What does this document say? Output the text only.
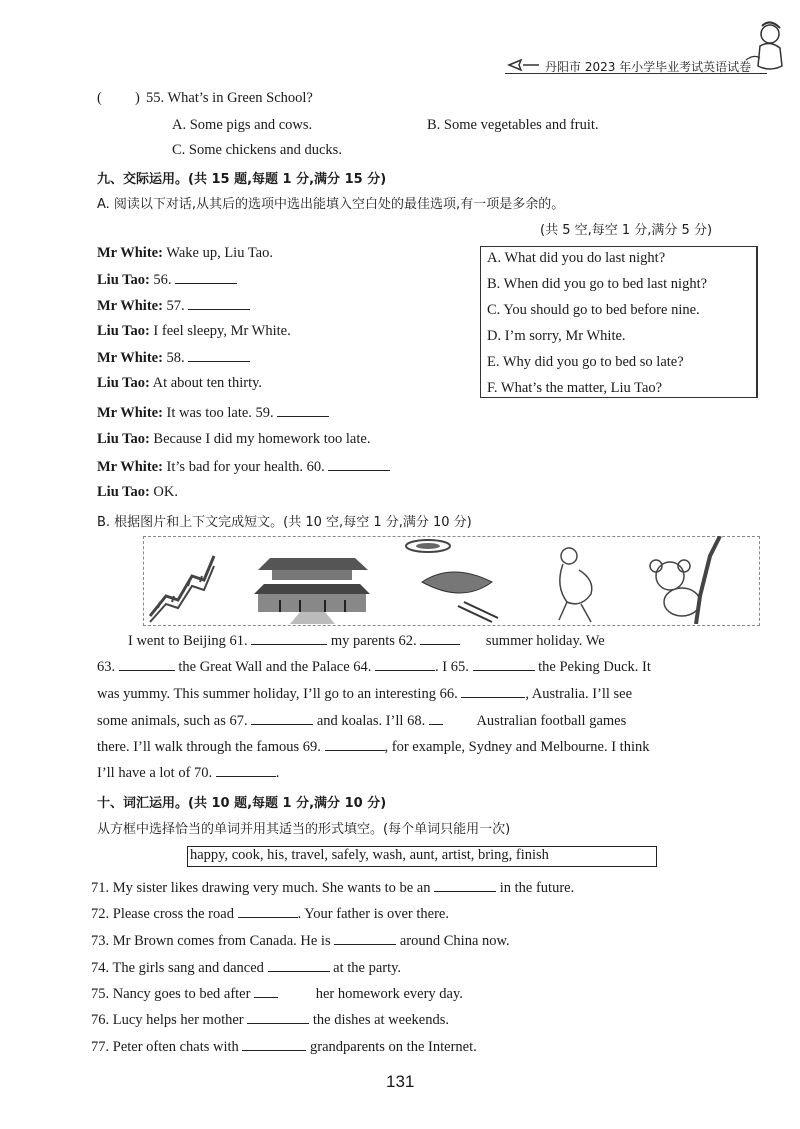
丹阳市 2023 年小学毕业考试英语试卷
( ) 55. What’s in Green School?
A. Some pigs and cows.	B. Some vegetables and fruit.
C. Some chickens and ducks.
九、交际运用。(共 15 题,每题 1 分,满分 15 分)
A. 阅读以下对话,从其后的选项中选出能填入空白处的最佳选项,有一项是多余的。
(共 5 空,每空 1 分,满分 5 分)
Mr White: Wake up, Liu Tao.
Liu Tao: 56.
Mr White: 57.
Liu Tao: I feel sleepy, Mr White.
Mr White: 58.
Liu Tao: At about ten thirty.
Mr White: It was too late. 59.
Liu Tao: Because I did my homework too late.
Mr White: It’s bad for your health. 60.
Liu Tao: OK.
A. What did you do last night?
B. When did you go to bed last night?
C. You should go to bed before nine.
D. I’m sorry, Mr White.
E. Why did you go to bed so late?
F. What’s the matter, Liu Tao?
B. 根据图片和上下文完成短文。(共 10 空,每空 1 分,满分 10 分)
I went to Beijing 61.	my parents 62.	summer holiday. We
63.	the Great Wall and the Palace 64.	. I 65.	the Peking Duck. It
was yummy. This summer holiday, I’ll go to an interesting 66.	, Australia. I’ll see
some animals, such as 67.	and koalas. I’ll 68.	Australian football games
there. I’ll walk through the famous 69.	, for example, Sydney and Melbourne. I think
I’ll have a lot of 70.	.
十、词汇运用。(共 10 题,每题 1 分,满分 10 分)
从方框中选择恰当的单词并用其适当的形式填空。(每个单词只能用一次)
happy, cook, his, travel, safely, wash, aunt, artist, bring, finish
71. My sister likes drawing very much. She wants to be an	in the future.
72. Please cross the road	. Your father is over there.
73. Mr Brown comes from Canada. He is	around China now.
74. The girls sang and danced	at the party.
75. Nancy goes to bed after	her homework every day.
76. Lucy helps her mother	the dishes at weekends.
77. Peter often chats with	grandparents on the Internet.
131
